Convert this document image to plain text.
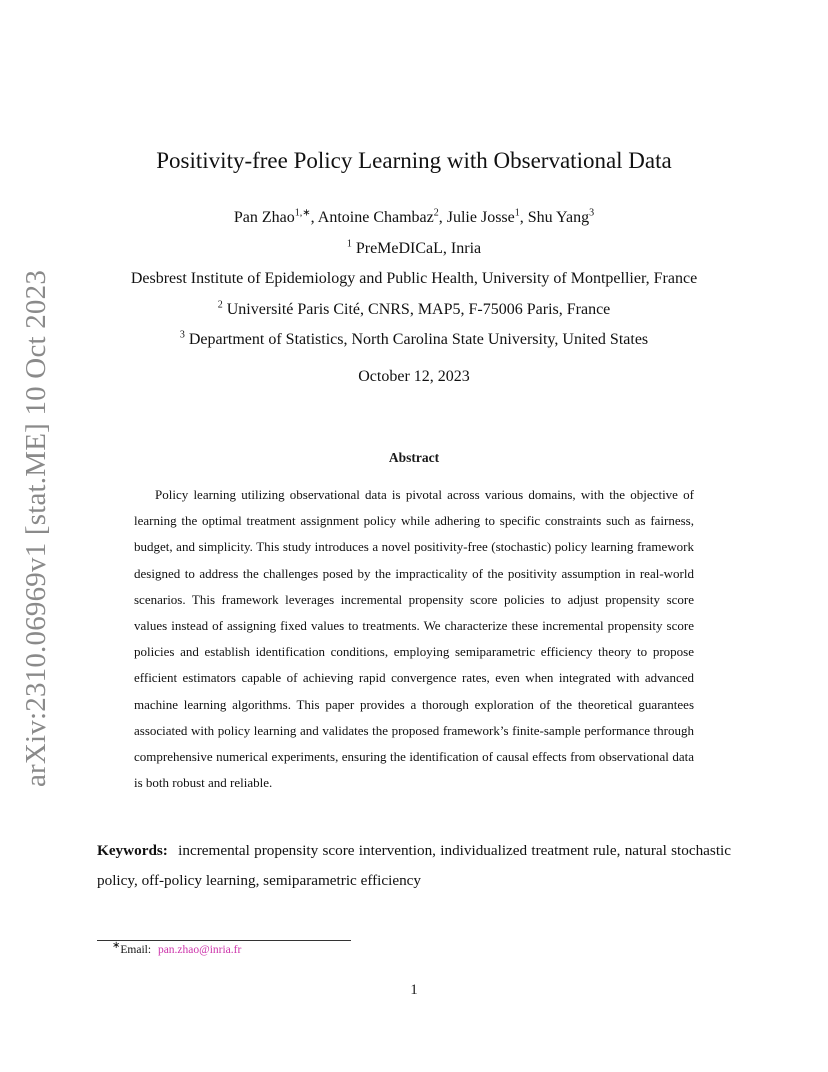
arXiv:2310.06969v1 [stat.ME] 10 Oct 2023
Positivity-free Policy Learning with Observational Data
Pan Zhao$^{1,∗}$, Antoine Chambaz$^2$, Julie Josse$^1$, Shu Yang$^3$
$^1$ PreMeDICaL, Inria
Desbrest Institute of Epidemiology and Public Health, University of Montpellier, France
$^2$ Université Paris Cité, CNRS, MAP5, F-75006 Paris, France
$^3$ Department of Statistics, North Carolina State University, United States
October 12, 2023
Abstract
Policy learning utilizing observational data is pivotal across various domains, with the objective of learning the optimal treatment assignment policy while adhering to specific constraints such as fairness, budget, and simplicity. This study introduces a novel positivity-free (stochastic) policy learning framework designed to address the challenges posed by the impracticality of the positivity assumption in real-world scenarios. This framework leverages incremental propensity score policies to adjust propensity score values instead of assigning fixed values to treatments. We characterize these incremental propensity score policies and establish identification conditions, employing semiparametric efficiency theory to propose efficient estimators capable of achieving rapid convergence rates, even when integrated with advanced machine learning algorithms. This paper provides a thorough exploration of the theoretical guarantees associated with policy learning and validates the proposed framework’s finite-sample performance through comprehensive numerical experiments, ensuring the identification of causal effects from observational data is both robust and reliable.
Keywords: incremental propensity score intervention, individualized treatment rule, natural stochastic policy, off-policy learning, semiparametric efficiency
∗Email: pan.zhao@inria.fr
1
